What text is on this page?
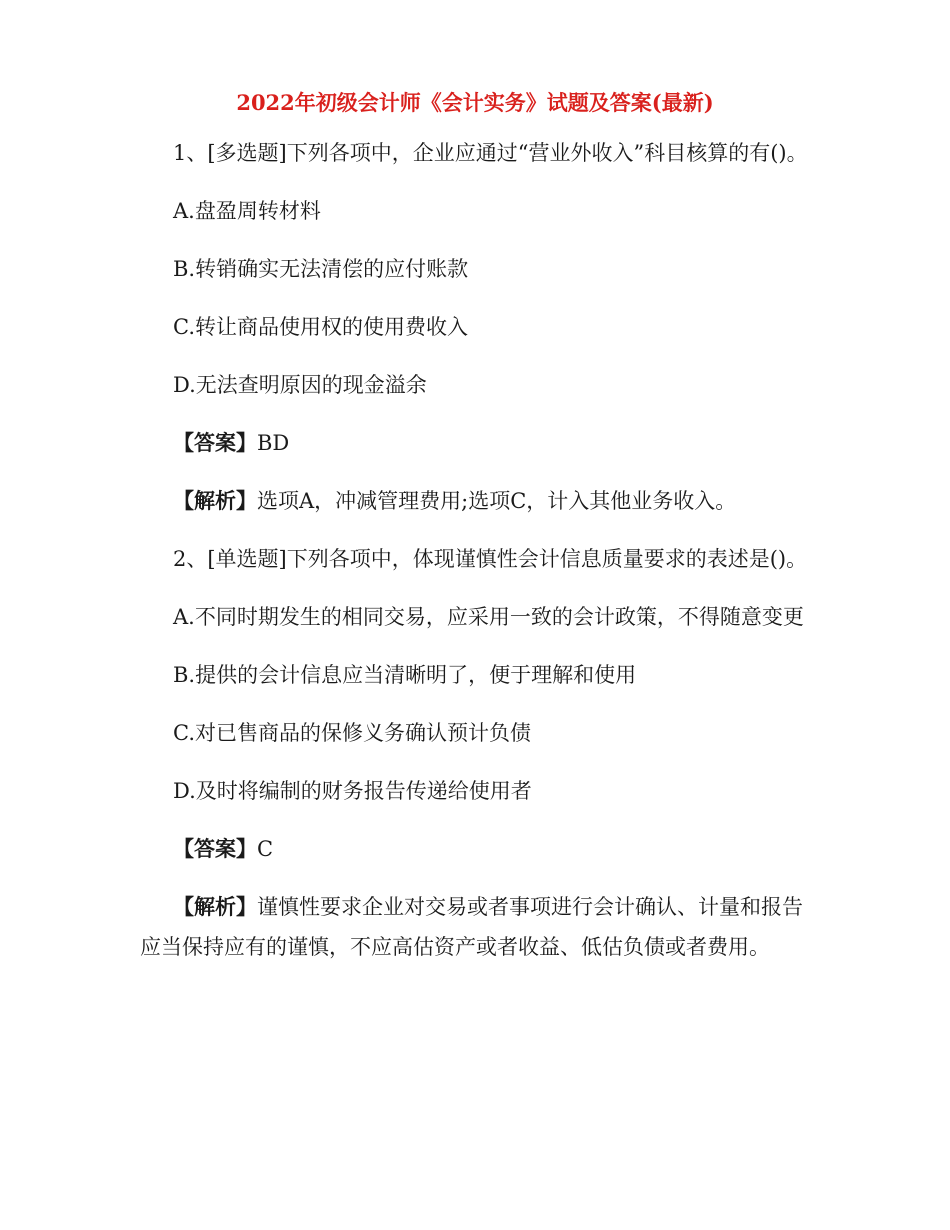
2022年初级会计师《会计实务》试题及答案(最新)

1、[多选题]下列各项中，企业应通过“营业外收入”科目核算的有()。

A.盘盈周转材料

B.转销确实无法清偿的应付账款

C.转让商品使用权的使用费收入

D.无法查明原因的现金溢余

【答案】BD

【解析】选项A，冲减管理费用;选项C，计入其他业务收入。

2、[单选题]下列各项中，体现谨慎性会计信息质量要求的表述是()。

A.不同时期发生的相同交易，应采用一致的会计政策，不得随意变更

B.提供的会计信息应当清晰明了，便于理解和使用

C.对已售商品的保修义务确认预计负债

D.及时将编制的财务报告传递给使用者

【答案】C

【解析】谨慎性要求企业对交易或者事项进行会计确认、计量和报告应当保持应有的谨慎，不应高估资产或者收益、低估负债或者费用。
